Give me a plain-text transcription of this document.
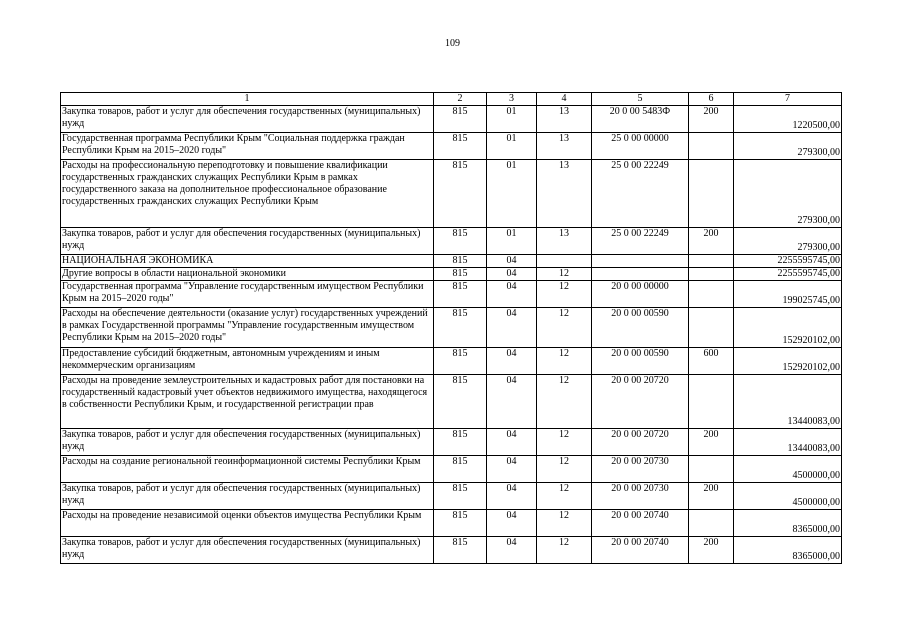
109
1	2	3	4	5	6	7
Закупка товаров, работ и услуг для обеспечения государственных (муниципальных) нужд	815	01	13	20 0 00 5483Ф	200	1220500,00
Государственная программа Республики Крым "Социальная поддержка граждан Республики Крым на 2015–2020 годы"	815	01	13	25 0 00 00000		279300,00
Расходы на профессиональную переподготовку и повышение квалификации государственных гражданских служащих Республики Крым в рамках государственного заказа на дополнительное профессиональное образование государственных гражданских служащих Республики Крым	815	01	13	25 0 00 22249		279300,00
Закупка товаров, работ и услуг для обеспечения государственных (муниципальных) нужд	815	01	13	25 0 00 22249	200	279300,00
НАЦИОНАЛЬНАЯ ЭКОНОМИКА	815	04				2255595745,00
Другие вопросы в области национальной экономики	815	04	12			2255595745,00
Государственная программа "Управление государственным имуществом Республики Крым на 2015–2020 годы"	815	04	12	20 0 00 00000		199025745,00
Расходы на обеспечение деятельности (оказание услуг) государственных учреждений в рамках Государственной программы "Управление государственным имуществом Республики Крым на 2015–2020 годы"	815	04	12	20 0 00 00590		152920102,00
Предоставление субсидий бюджетным, автономным учреждениям и иным некоммерческим организациям	815	04	12	20 0 00 00590	600	152920102,00
Расходы на проведение землеустроительных и кадастровых работ для постановки на государственный кадастровый учет объектов недвижимого имущества, находящегося в собственности Республики Крым, и государственной регистрации прав	815	04	12	20 0 00 20720		13440083,00
Закупка товаров, работ и услуг для обеспечения государственных (муниципальных) нужд	815	04	12	20 0 00 20720	200	13440083,00
Расходы на создание региональной геоинформационной системы Республики Крым	815	04	12	20 0 00 20730		4500000,00
Закупка товаров, работ и услуг для обеспечения государственных (муниципальных) нужд	815	04	12	20 0 00 20730	200	4500000,00
Расходы на проведение независимой оценки объектов имущества Республики Крым	815	04	12	20 0 00 20740		8365000,00
Закупка товаров, работ и услуг для обеспечения государственных (муниципальных) нужд	815	04	12	20 0 00 20740	200	8365000,00
